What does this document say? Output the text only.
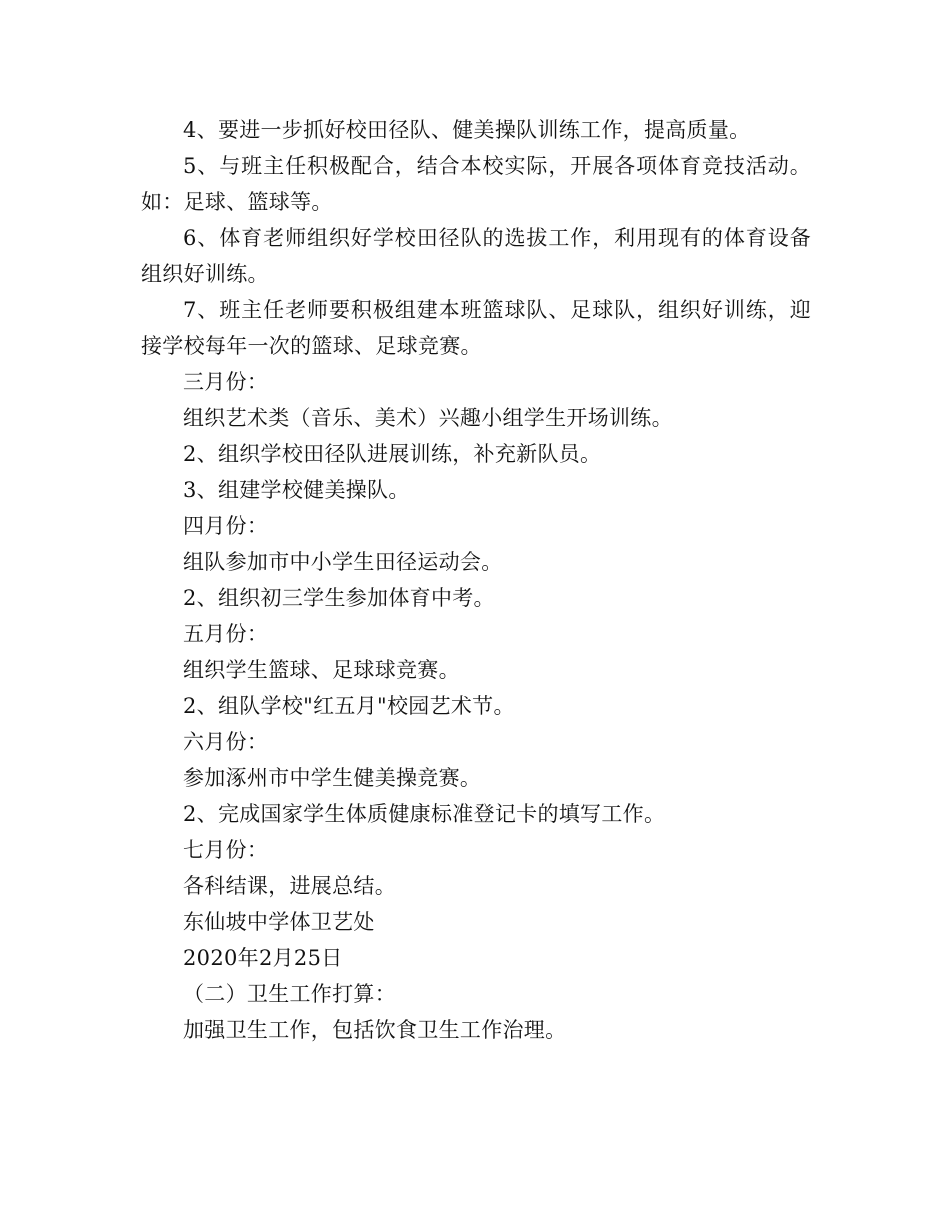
4、要进一步抓好校田径队、健美操队训练工作，提高质量。

5、与班主任积极配合，结合本校实际，开展各项体育竞技活动。如：足球、篮球等。

6、体育老师组织好学校田径队的选拔工作，利用现有的体育设备组织好训练。

7、班主任老师要积极组建本班篮球队、足球队，组织好训练，迎接学校每年一次的篮球、足球竞赛。

三月份：

组织艺术类（音乐、美术）兴趣小组学生开场训练。

2、组织学校田径队进展训练，补充新队员。

3、组建学校健美操队。

四月份：

组队参加市中小学生田径运动会。

2、组织初三学生参加体育中考。

五月份：

组织学生篮球、足球球竞赛。

2、组队学校"红五月"校园艺术节。

六月份：

参加涿州市中学生健美操竞赛。

2、完成国家学生体质健康标准登记卡的填写工作。

七月份：

各科结课，进展总结。

东仙坡中学体卫艺处

2020年2月25日

（二）卫生工作打算：

加强卫生工作，包括饮食卫生工作治理。
